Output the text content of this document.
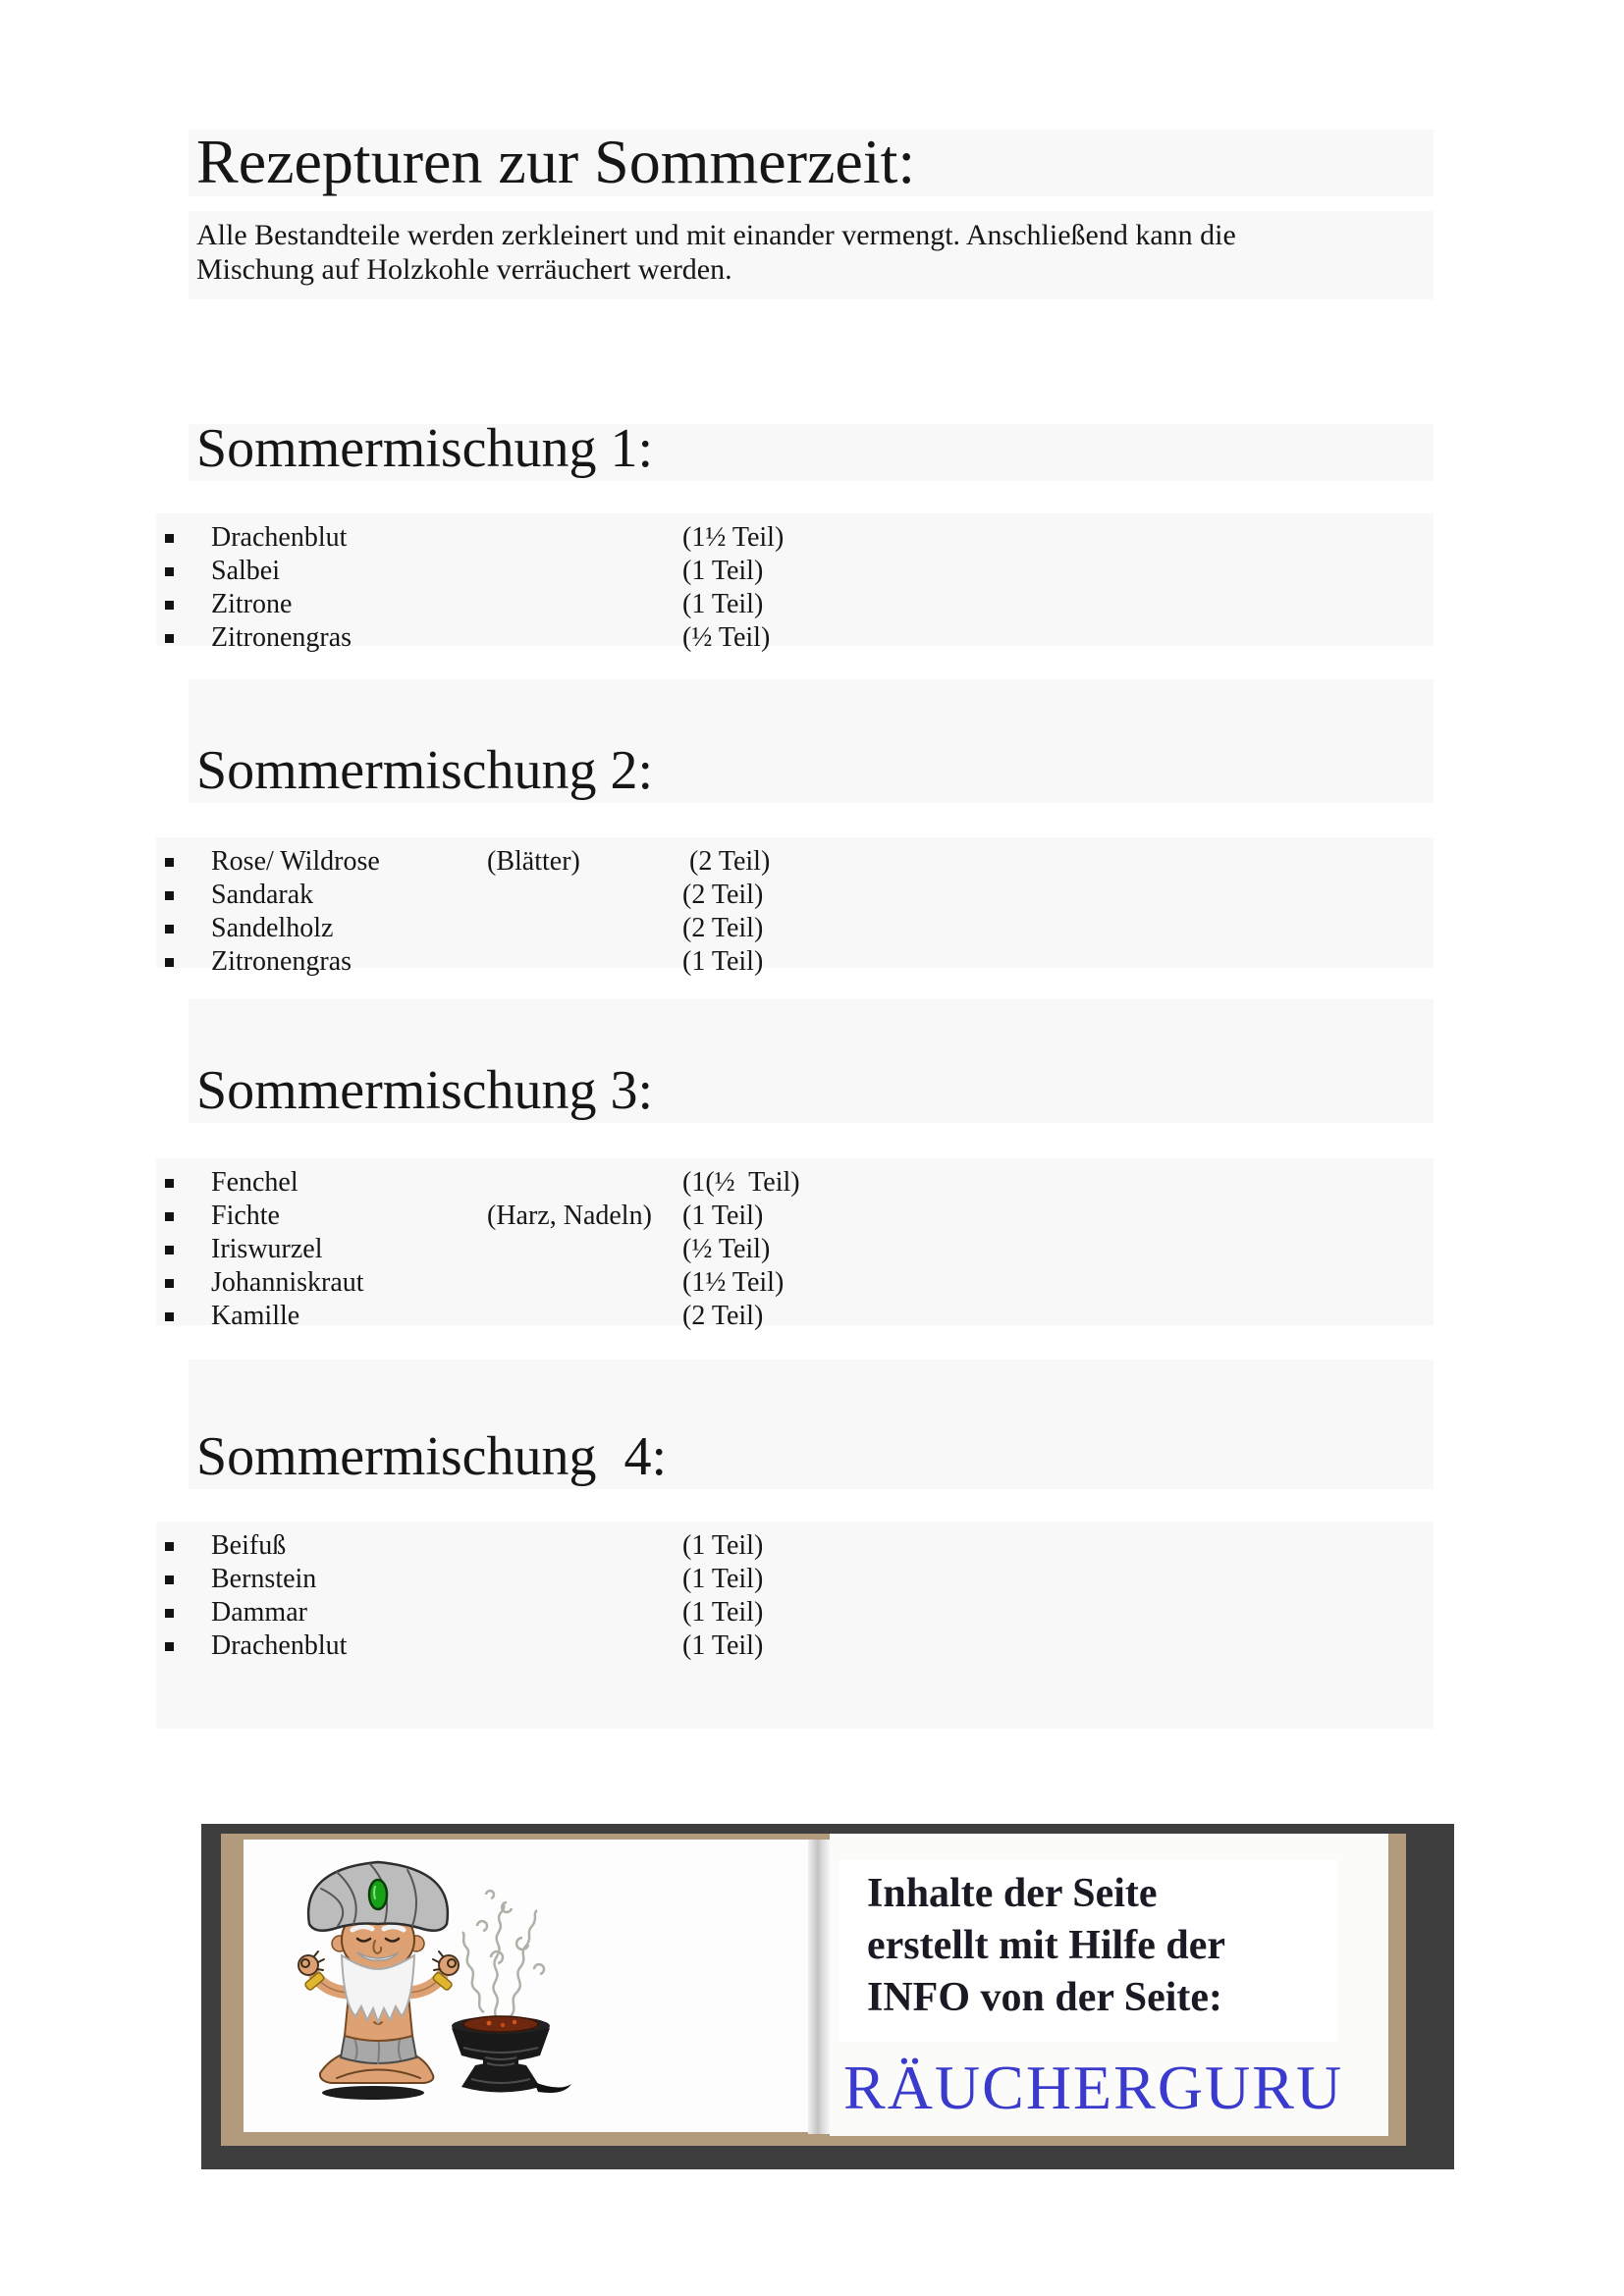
Rezepturen zur Sommerzeit:

Alle Bestandteile werden zerkleinert und mit einander vermengt. Anschließend kann die
Mischung auf Holzkohle verräuchert werden.

Sommermischung 1:
Drachenblut	(1½ Teil)
Salbei	(1 Teil)
Zitrone	(1 Teil)
Zitronengras	(½ Teil)
Sommermischung 2:
Rose/ Wildrose	(Blätter)	(2 Teil)
Sandarak	(2 Teil)
Sandelholz	(2 Teil)
Zitronengras	(1 Teil)
Sommermischung 3:
Fenchel	(1(½  Teil)
Fichte	(Harz, Nadeln) (1 Teil)
Iriswurzel	(½ Teil)
Johanniskraut	(1½ Teil)
Kamille	(2 Teil)
Sommermischung  4:
Beifuß	(1 Teil)
Bernstein	(1 Teil)
Dammar	(1 Teil)
Drachenblut	(1 Teil)
Inhalte der Seite
erstellt mit Hilfe der
INFO von der Seite:
RÄUCHERGURU
